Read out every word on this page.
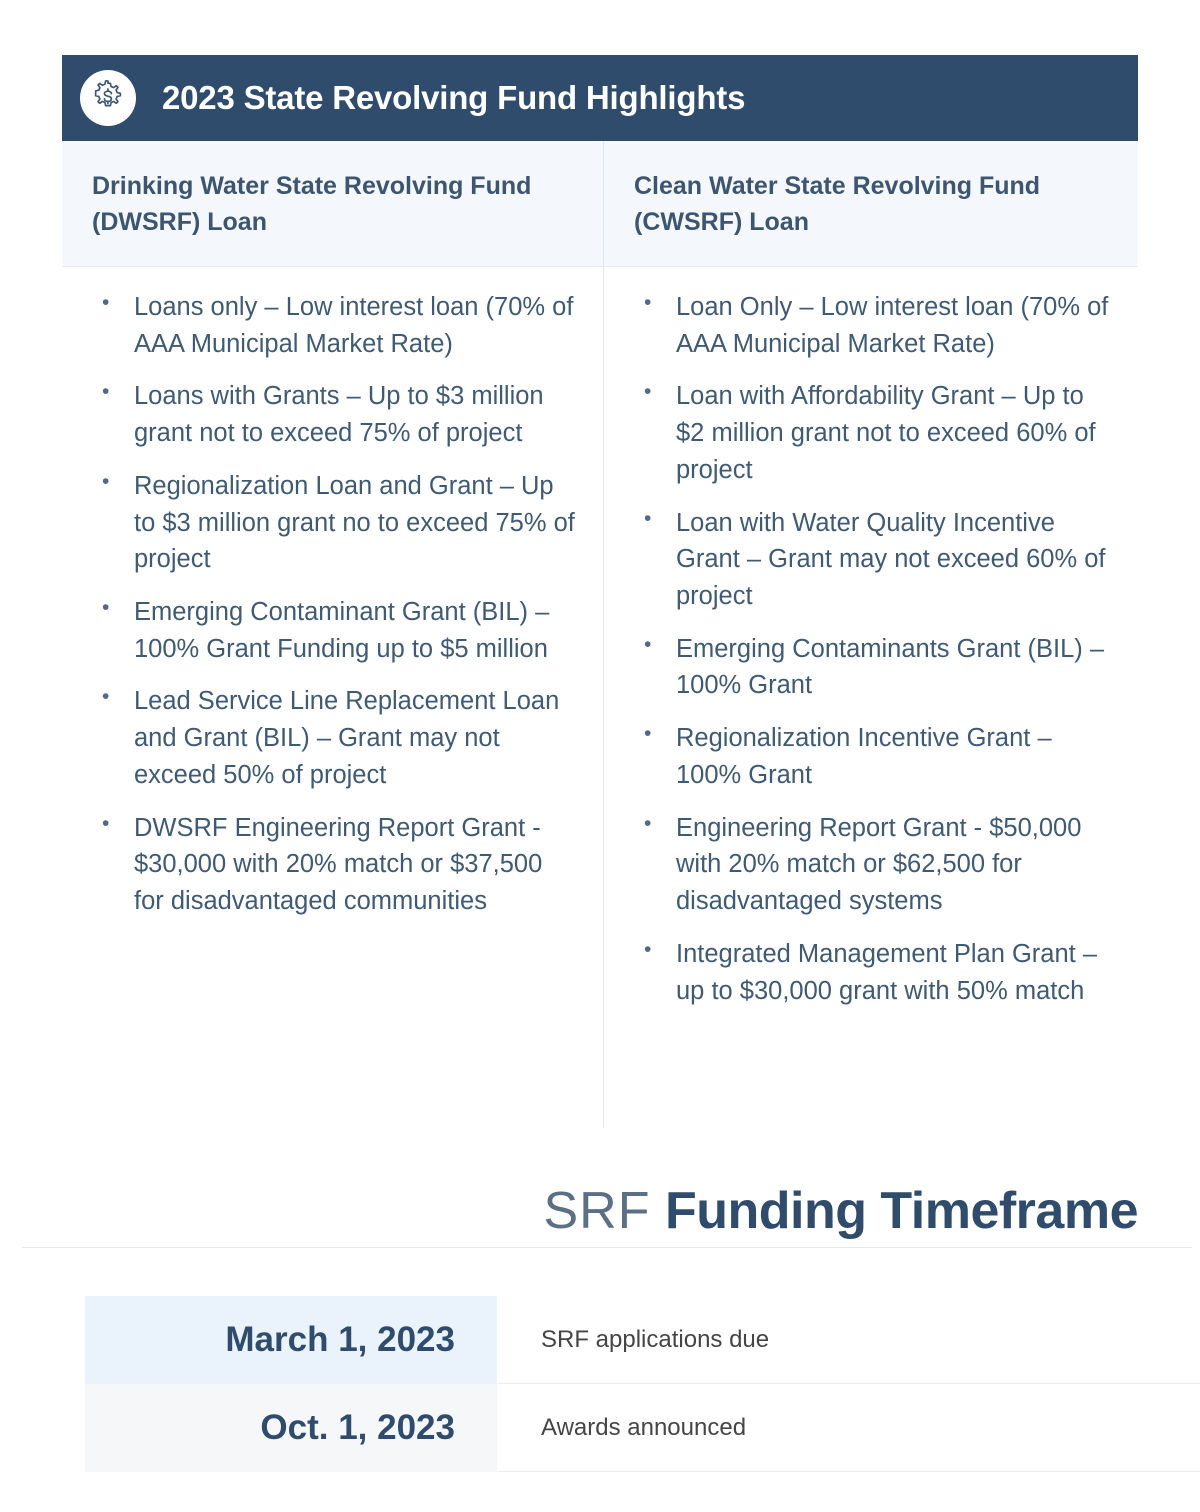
2023 State Revolving Fund Highlights
Drinking Water State Revolving Fund (DWSRF) Loan
Clean Water State Revolving Fund (CWSRF) Loan
• Loans only – Low interest loan (70% of AAA Municipal Market Rate)
• Loans with Grants – Up to $3 million grant not to exceed 75% of project
• Regionalization Loan and Grant – Up to $3 million grant no to exceed 75% of project
• Emerging Contaminant Grant (BIL) – 100% Grant Funding up to $5 million
• Lead Service Line Replacement Loan and Grant (BIL) – Grant may not exceed 50% of project
• DWSRF Engineering Report Grant - $30,000 with 20% match or $37,500 for disadvantaged communities
• Loan Only – Low interest loan (70% of AAA Municipal Market Rate)
• Loan with Affordability Grant – Up to $2 million grant not to exceed 60% of project
• Loan with Water Quality Incentive Grant – Grant may not exceed 60% of project
• Emerging Contaminants Grant (BIL) – 100% Grant
• Regionalization Incentive Grant – 100% Grant
• Engineering Report Grant - $50,000 with 20% match or $62,500 for disadvantaged systems
• Integrated Management Plan Grant – up to $30,000 grant with 50% match
SRF Funding Timeframe
March 1, 2023	SRF applications due
Oct. 1, 2023	Awards announced
